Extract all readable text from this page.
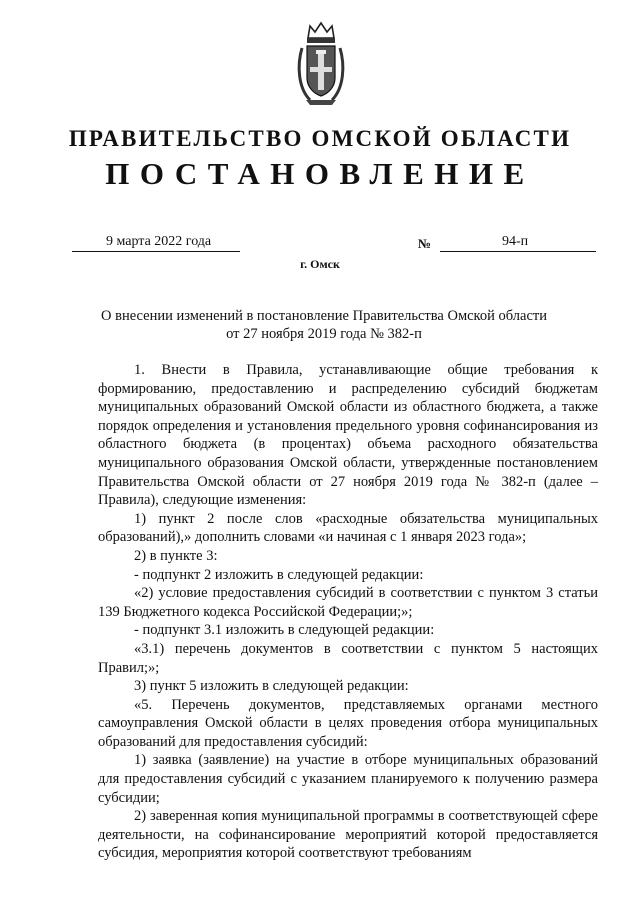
ПРАВИТЕЛЬСТВО ОМСКОЙ ОБЛАСТИ
ПОСТАНОВЛЕНИЕ
9 марта 2022 года	№	94-п
г. Омск
О внесении изменений в постановление Правительства Омской области
от 27 ноября 2019 года № 382-п

1. Внести в Правила, устанавливающие общие требования к формированию, предоставлению и распределению субсидий бюджетам муниципальных образований Омской области из областного бюджета, а также порядок определения и установления предельного уровня софинансирования из областного бюджета (в процентах) объема расходного обязательства муниципального образования Омской области, утвержденные постановлением Правительства Омской области от 27 ноября 2019 года № 382-п (далее – Правила), следующие изменения:

1) пункт 2 после слов «расходные обязательства муниципальных образований),» дополнить словами «и начиная с 1 января 2023 года»;

2) в пункте 3:

- подпункт 2 изложить в следующей редакции:

«2) условие предоставления субсидий в соответствии с пунктом 3 статьи 139 Бюджетного кодекса Российской Федерации;»;

- подпункт 3.1 изложить в следующей редакции:

«3.1) перечень документов в соответствии с пунктом 5 настоящих Правил;»;

3) пункт 5 изложить в следующей редакции:

«5. Перечень документов, представляемых органами местного самоуправления Омской области в целях проведения отбора муниципальных образований для предоставления субсидий:

1) заявка (заявление) на участие в отборе муниципальных образований для предоставления субсидий с указанием планируемого к получению размера субсидии;

2) заверенная копия муниципальной программы в соответствующей сфере деятельности, на софинансирование мероприятий которой предоставляется субсидия, мероприятия которой соответствуют требованиям
